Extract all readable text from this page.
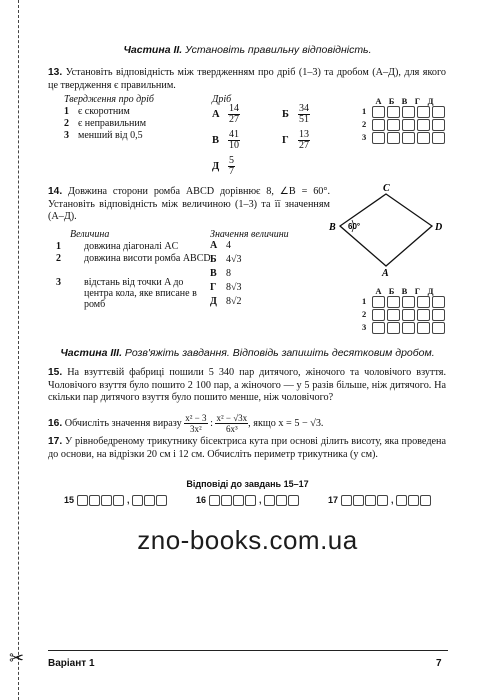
✂
Частина ІІ. Установіть правильну відповідність.
13. Установіть відповідність між твердженням про дріб (1–3) та дробом (А–Д), для якого це твердження є правильним.
Твердження про дріб	Дріб
1 є скоротним
2 є неправильним
3 менший від 0,5
А $\frac{14}{27}$	Б $\frac{34}{51}$
В $\frac{41}{10}$	Г $\frac{13}{27}$
Д $\frac{5}{7}$
А Б В Г Д
1
2
3
14. Довжина сторони ромба ABCD дорівнює 8, ∠B = 60°. Установіть відповідність між величиною (1–3) та її значенням (А–Д).
Величина	Значення величини
1 довжина діагоналі AC
2 довжина висоти ромба ABCD
3 відстань від точки A до центра кола, яке вписане в ромб
А 4
Б 4√3
В 8
Г 8√3
Д 8√2
C
B	D
A
60°
А Б В Г Д
1
2
3
Частина ІІІ. Розв'яжіть завдання. Відповідь запишіть десятковим дробом.
15. На взуттєвій фабриці пошили 5 340 пар дитячого, жіночого та чоловічого взуття. Чоловічого взуття було пошито 2 100 пар, а жіночого — у 5 разів більше, ніж дитячого. На скільки пар дитячого взуття було пошито менше, ніж чоловічого?
16. Обчисліть значення виразу $\frac{\text{x² − 3}}{\text{3x²}}$ : $\frac{\text{x² − √3x}}{\text{6x³}}$ , якщо x = 5 − √3.
17. У рівнобедреному трикутнику бісектриса кута при основі ділить висоту, яка проведена до основи, на відрізки 20 см і 12 см. Обчисліть периметр трикутника (у см).
Відповіді до завдань 15–17
15	,	16	,	17	,
zno-books.com.ua
Варіант 1	7
